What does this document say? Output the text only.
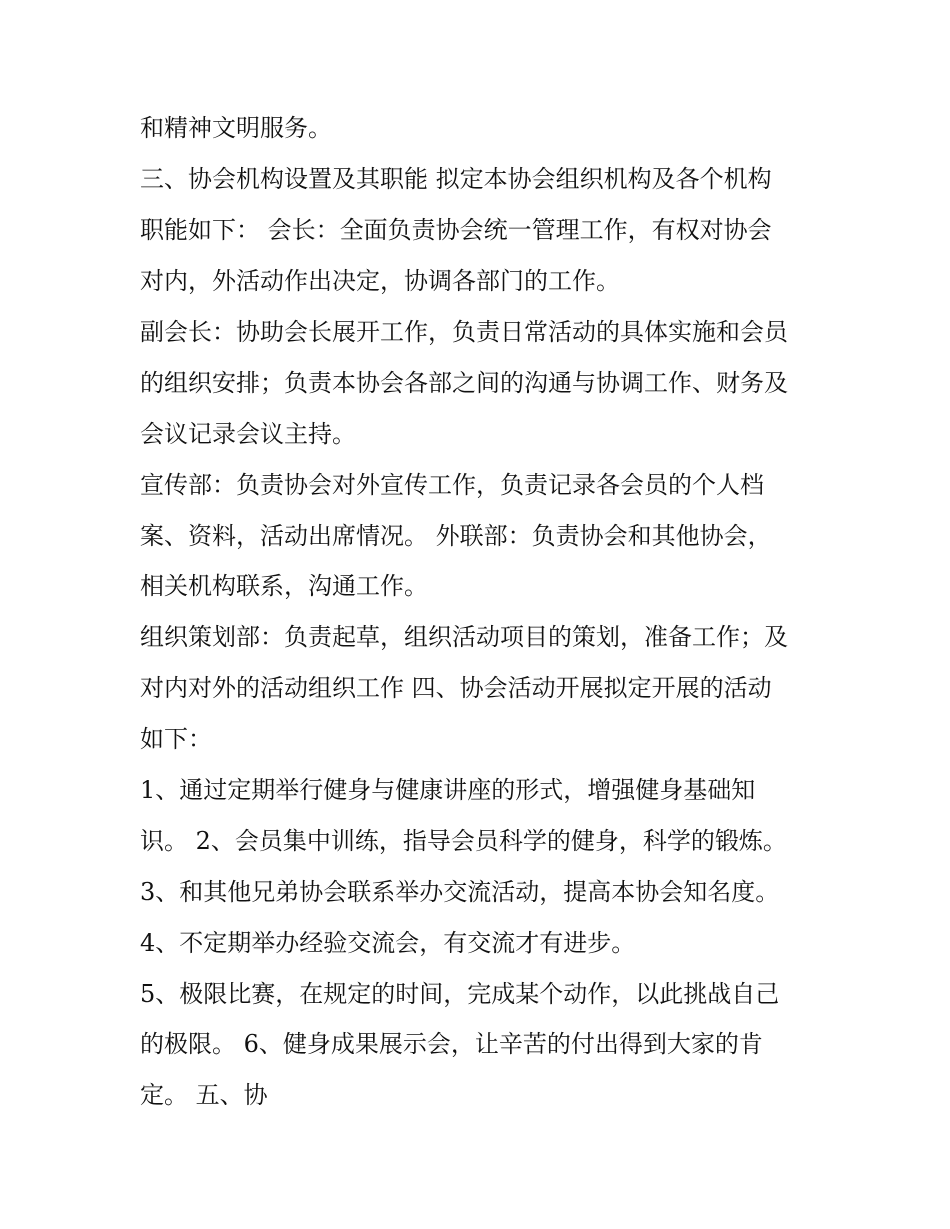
和精神文明服务。
三、协会机构设置及其职能 拟定本协会组织机构及各个机构
职能如下： 会长：全面负责协会统一管理工作，有权对协会
对内，外活动作出决定，协调各部门的工作。
副会长：协助会长展开工作，负责日常活动的具体实施和会员
的组织安排；负责本协会各部之间的沟通与协调工作、财务及
会议记录会议主持。
宣传部：负责协会对外宣传工作，负责记录各会员的个人档
案、资料，活动出席情况。 外联部：负责协会和其他协会，
相关机构联系，沟通工作。
组织策划部：负责起草，组织活动项目的策划，准备工作；及
对内对外的活动组织工作 四、协会活动开展拟定开展的活动
如下：
1、通过定期举行健身与健康讲座的形式，增强健身基础知
识。 2、会员集中训练，指导会员科学的健身，科学的锻炼。
3、和其他兄弟协会联系举办交流活动，提高本协会知名度。
4、不定期举办经验交流会，有交流才有进步。
5、极限比赛，在规定的时间，完成某个动作，以此挑战自己
的极限。 6、健身成果展示会，让辛苦的付出得到大家的肯
定。 五、协
